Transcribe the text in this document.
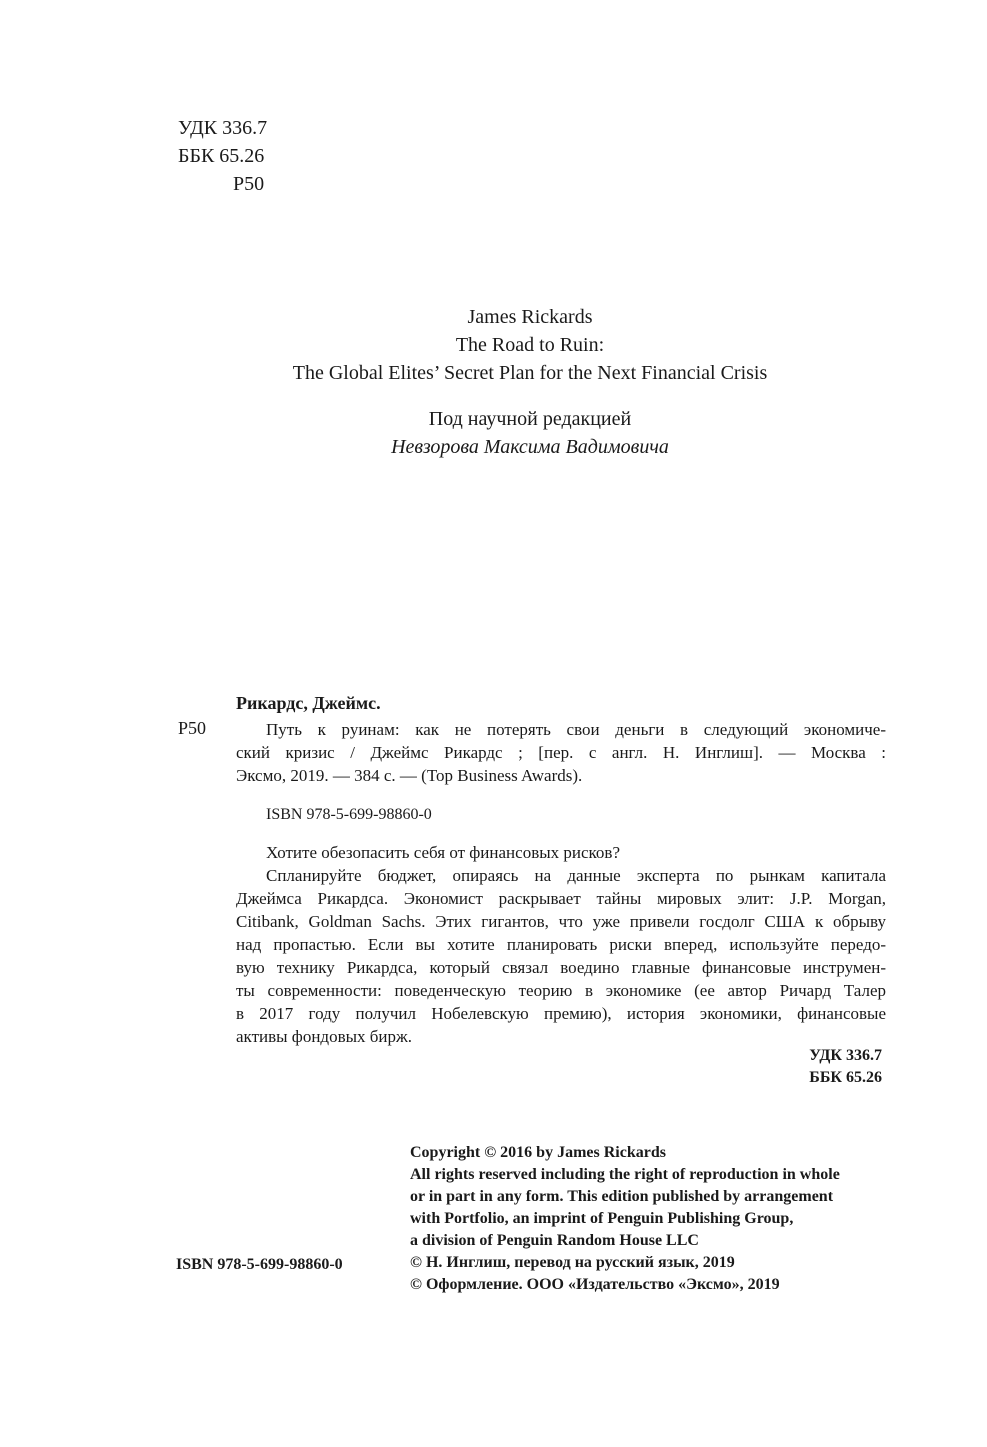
УДК 336.7
ББК 65.26
Р50
James Rickards
The Road to Ruin:
The Global Elites’ Secret Plan for the Next Financial Crisis
Под научной редакцией
Невзорова Максима Вадимовича
Рикардс, Джеймс.
Р50	Путь к руинам: как не потерять свои деньги в следующий экономиче-
ский кризис / Джеймс Рикардс ; [пер. с англ. Н. Инглиш]. — Москва :
Эксмо, 2019. — 384 с. — (Top Business Awards).
ISBN 978-5-699-98860-0
Хотите обезопасить себя от финансовых рисков?
Спланируйте бюджет, опираясь на данные эксперта по рынкам капитала
Джеймса Рикардса. Экономист раскрывает тайны мировых элит: J.P. Morgan,
Citibank, Goldman Sachs. Этих гигантов, что уже привели госдолг США к обрыву
над пропастью. Если вы хотите планировать риски вперед, используйте передо-
вую технику Рикардса, который связал воедино главные финансовые инструмен-
ты современности: поведенческую теорию в экономике (ее автор Ричард Талер
в 2017 году получил Нобелевскую премию), история экономики, финансовые
активы фондовых бирж.
УДК 336.7
ББК 65.26
ISBN 978-5-699-98860-0
Copyright © 2016 by James Rickards
All rights reserved including the right of reproduction in whole
or in part in any form. This edition published by arrangement
with Portfolio, an imprint of Penguin Publishing Group,
a division of Penguin Random House LLC
© Н. Инглиш, перевод на русский язык, 2019
© Оформление. ООО «Издательство «Эксмо», 2019
